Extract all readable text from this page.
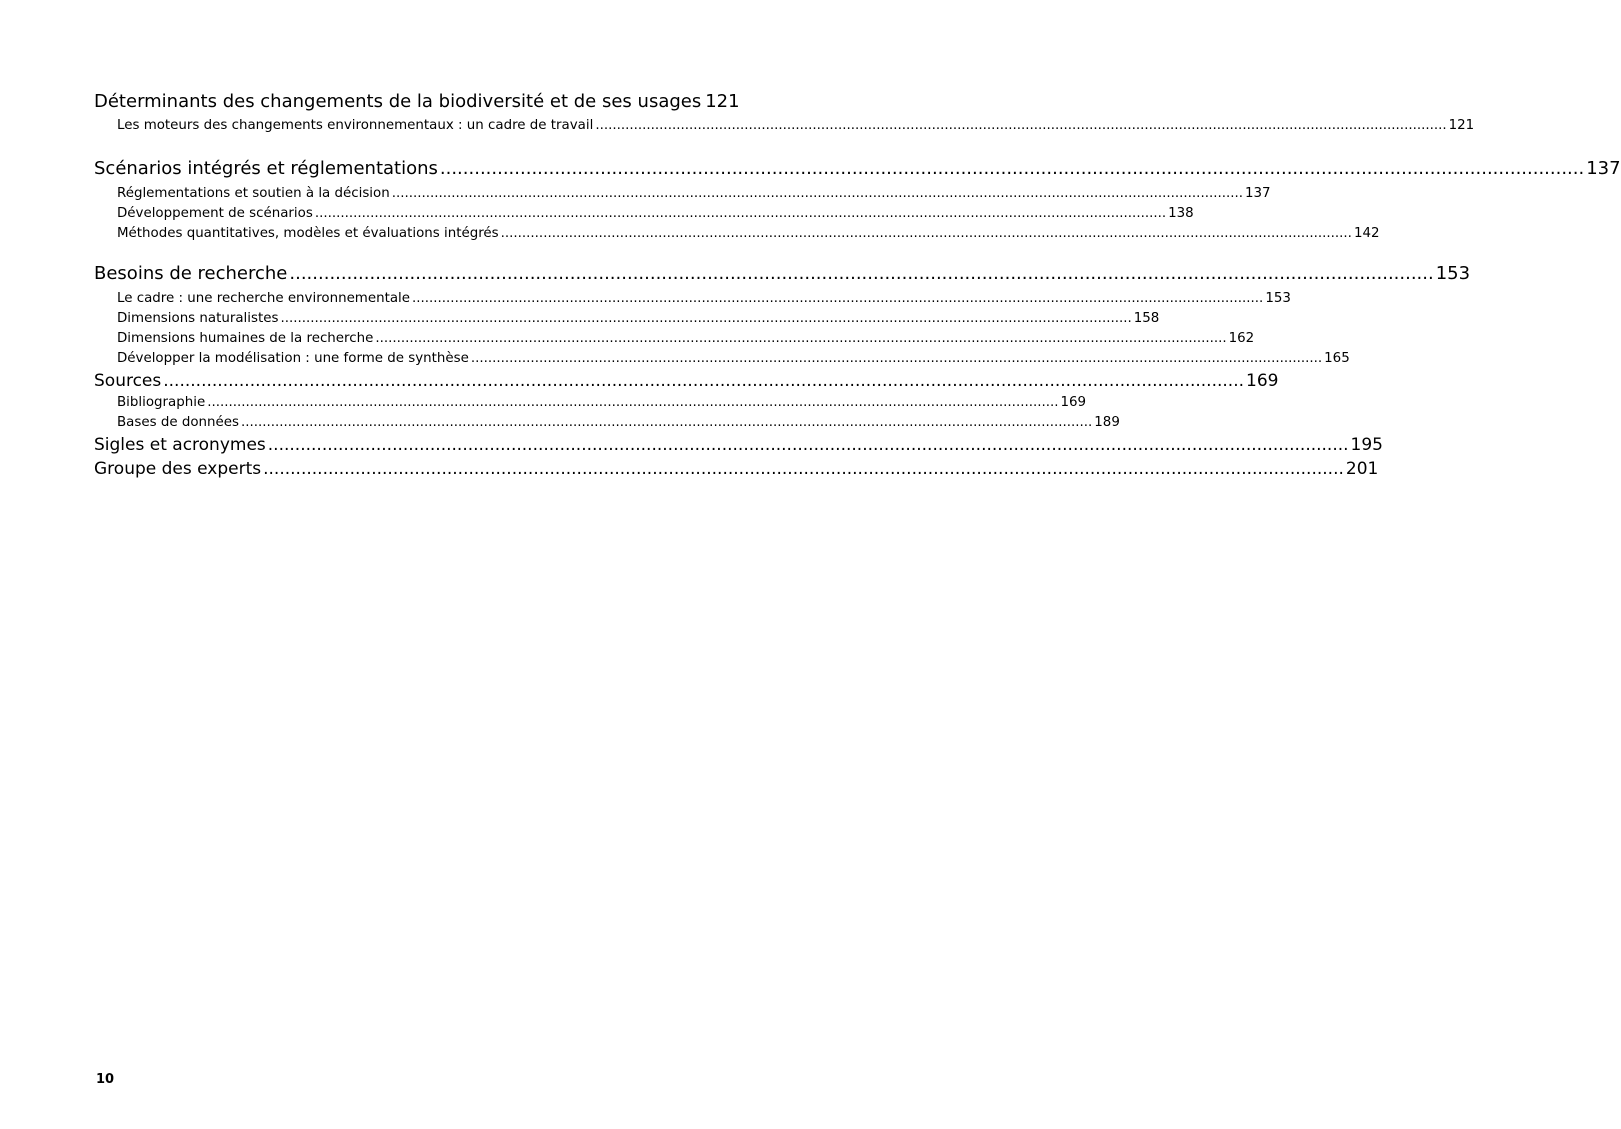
Déterminants des changements de la biodiversité et de ses usages 121
Les moteurs des changements environnementaux : un cadre de travail ........................................................................................................................................................................................................ 121
Scénarios intégrés et réglementations ........................................................................................................................................................................................................ 137
Réglementations et soutien à la décision ........................................................................................................................................................................................................ 137
Développement de scénarios ........................................................................................................................................................................................................ 138
Méthodes quantitatives, modèles et évaluations intégrés ........................................................................................................................................................................................................ 142
Besoins de recherche ........................................................................................................................................................................................................ 153
Le cadre : une recherche environnementale ........................................................................................................................................................................................................ 153
Dimensions naturalistes ........................................................................................................................................................................................................ 158
Dimensions humaines de la recherche ........................................................................................................................................................................................................ 162
Développer la modélisation : une forme de synthèse ........................................................................................................................................................................................................ 165
Sources ........................................................................................................................................................................................................ 169
Bibliographie ........................................................................................................................................................................................................ 169
Bases de données ........................................................................................................................................................................................................ 189
Sigles et acronymes ........................................................................................................................................................................................................ 195
Groupe des experts ........................................................................................................................................................................................................ 201
10
